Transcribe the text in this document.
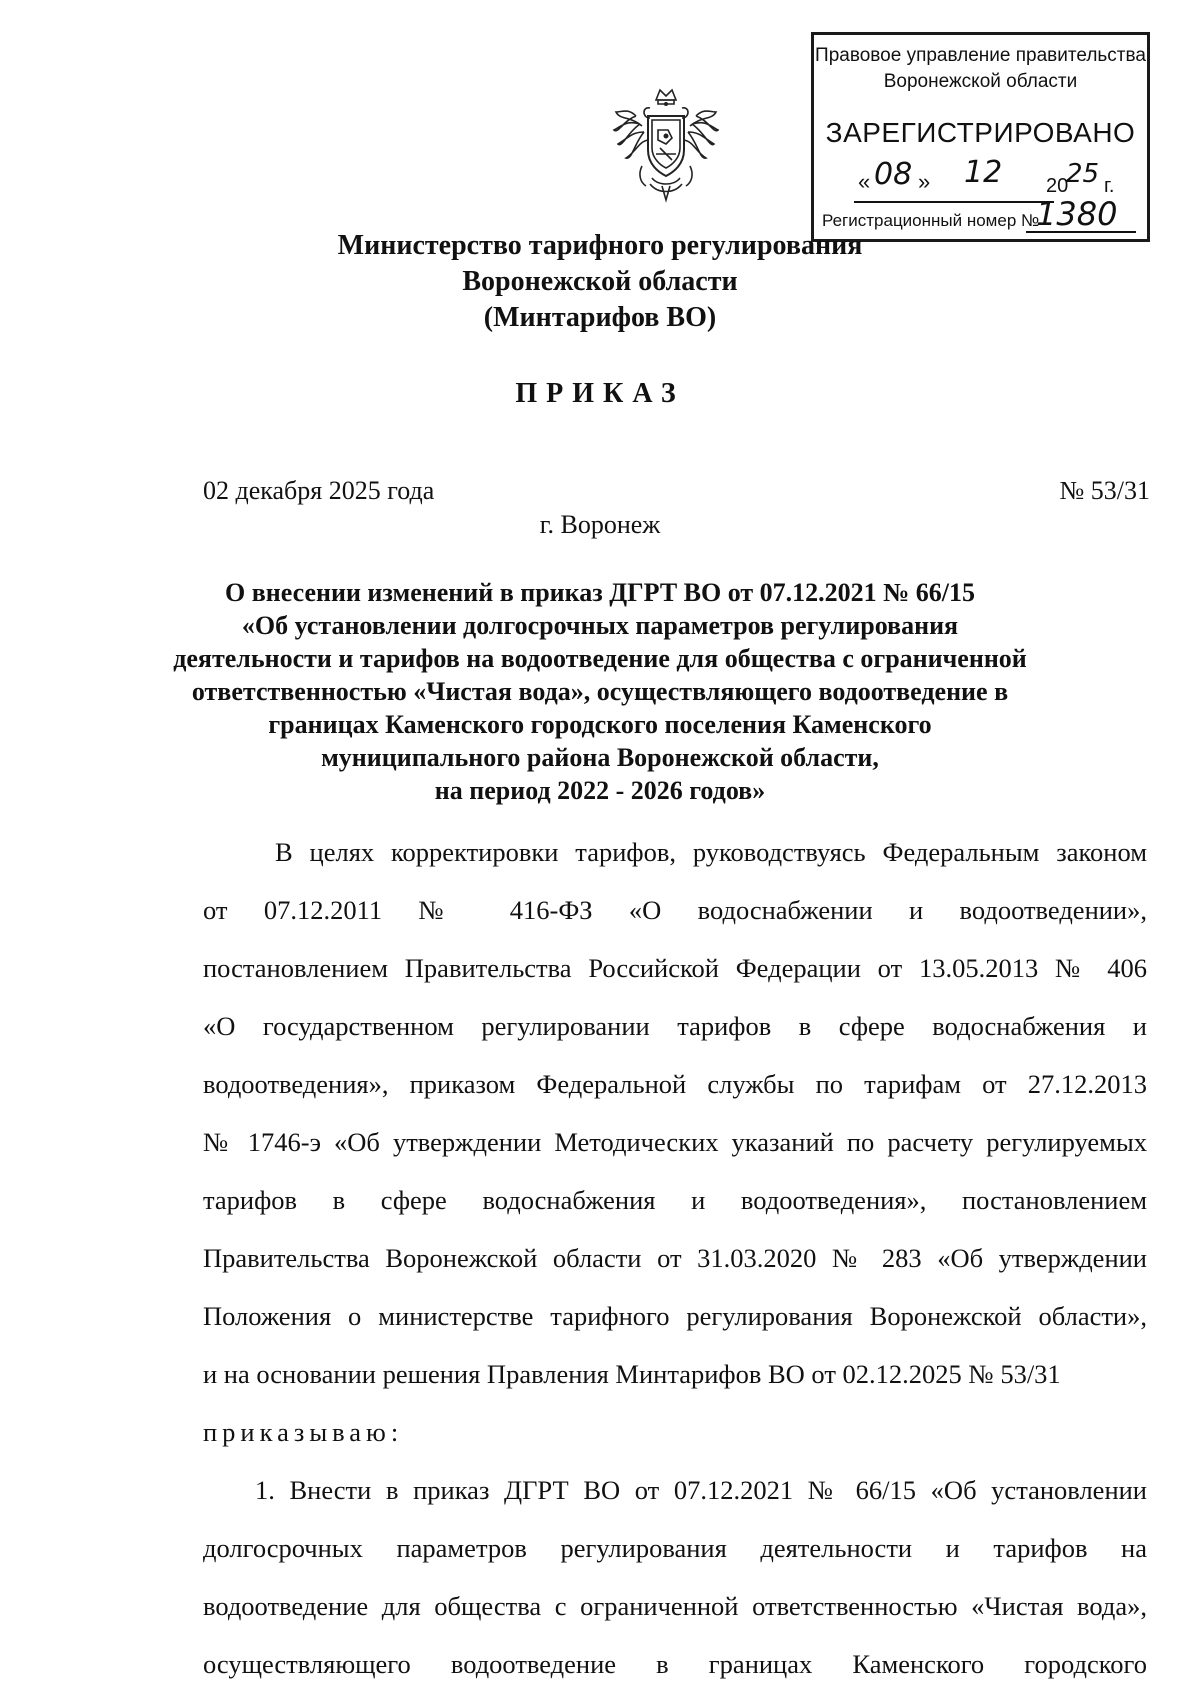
Правовое управление правительства
Воронежской области
ЗАРЕГИСТРИРОВАНО
« 08 » 12 20
25 г.
Регистрационный номер №
1380
Министерство тарифного регулирования
Воронежской области
(Минтарифов ВО)
ПРИКАЗ
02 декабря 2025 года	№ 53/31
г. Воронеж
О внесении изменений в приказ ДГРТ ВО от 07.12.2021 № 66/15
«Об установлении долгосрочных параметров регулирования
деятельности и тарифов на водоотведение для общества с ограниченной
ответственностью «Чистая вода», осуществляющего водоотведение в
границах Каменского городского поселения Каменского
муниципального района Воронежской области,
на период 2022 - 2026 годов»
В целях корректировки тарифов, руководствуясь Федеральным законом
от 07.12.2011 № 416-ФЗ «О водоснабжении и водоотведении»,
постановлением Правительства Российской Федерации от 13.05.2013 № 406
«О государственном регулировании тарифов в сфере водоснабжения и
водоотведения», приказом Федеральной службы по тарифам от 27.12.2013
№ 1746-э «Об утверждении Методических указаний по расчету регулируемых
тарифов в сфере водоснабжения и водоотведения», постановлением
Правительства Воронежской области от 31.03.2020 № 283 «Об утверждении
Положения о министерстве тарифного регулирования Воронежской области»,
и на основании решения Правления Минтарифов ВО от 02.12.2025 № 53/31
приказываю:
1. Внести в приказ ДГРТ ВО от 07.12.2021 № 66/15 «Об установлении
долгосрочных параметров регулирования деятельности и тарифов на
водоотведение для общества с ограниченной ответственностью «Чистая вода»,
осуществляющего водоотведение в границах Каменского городского
